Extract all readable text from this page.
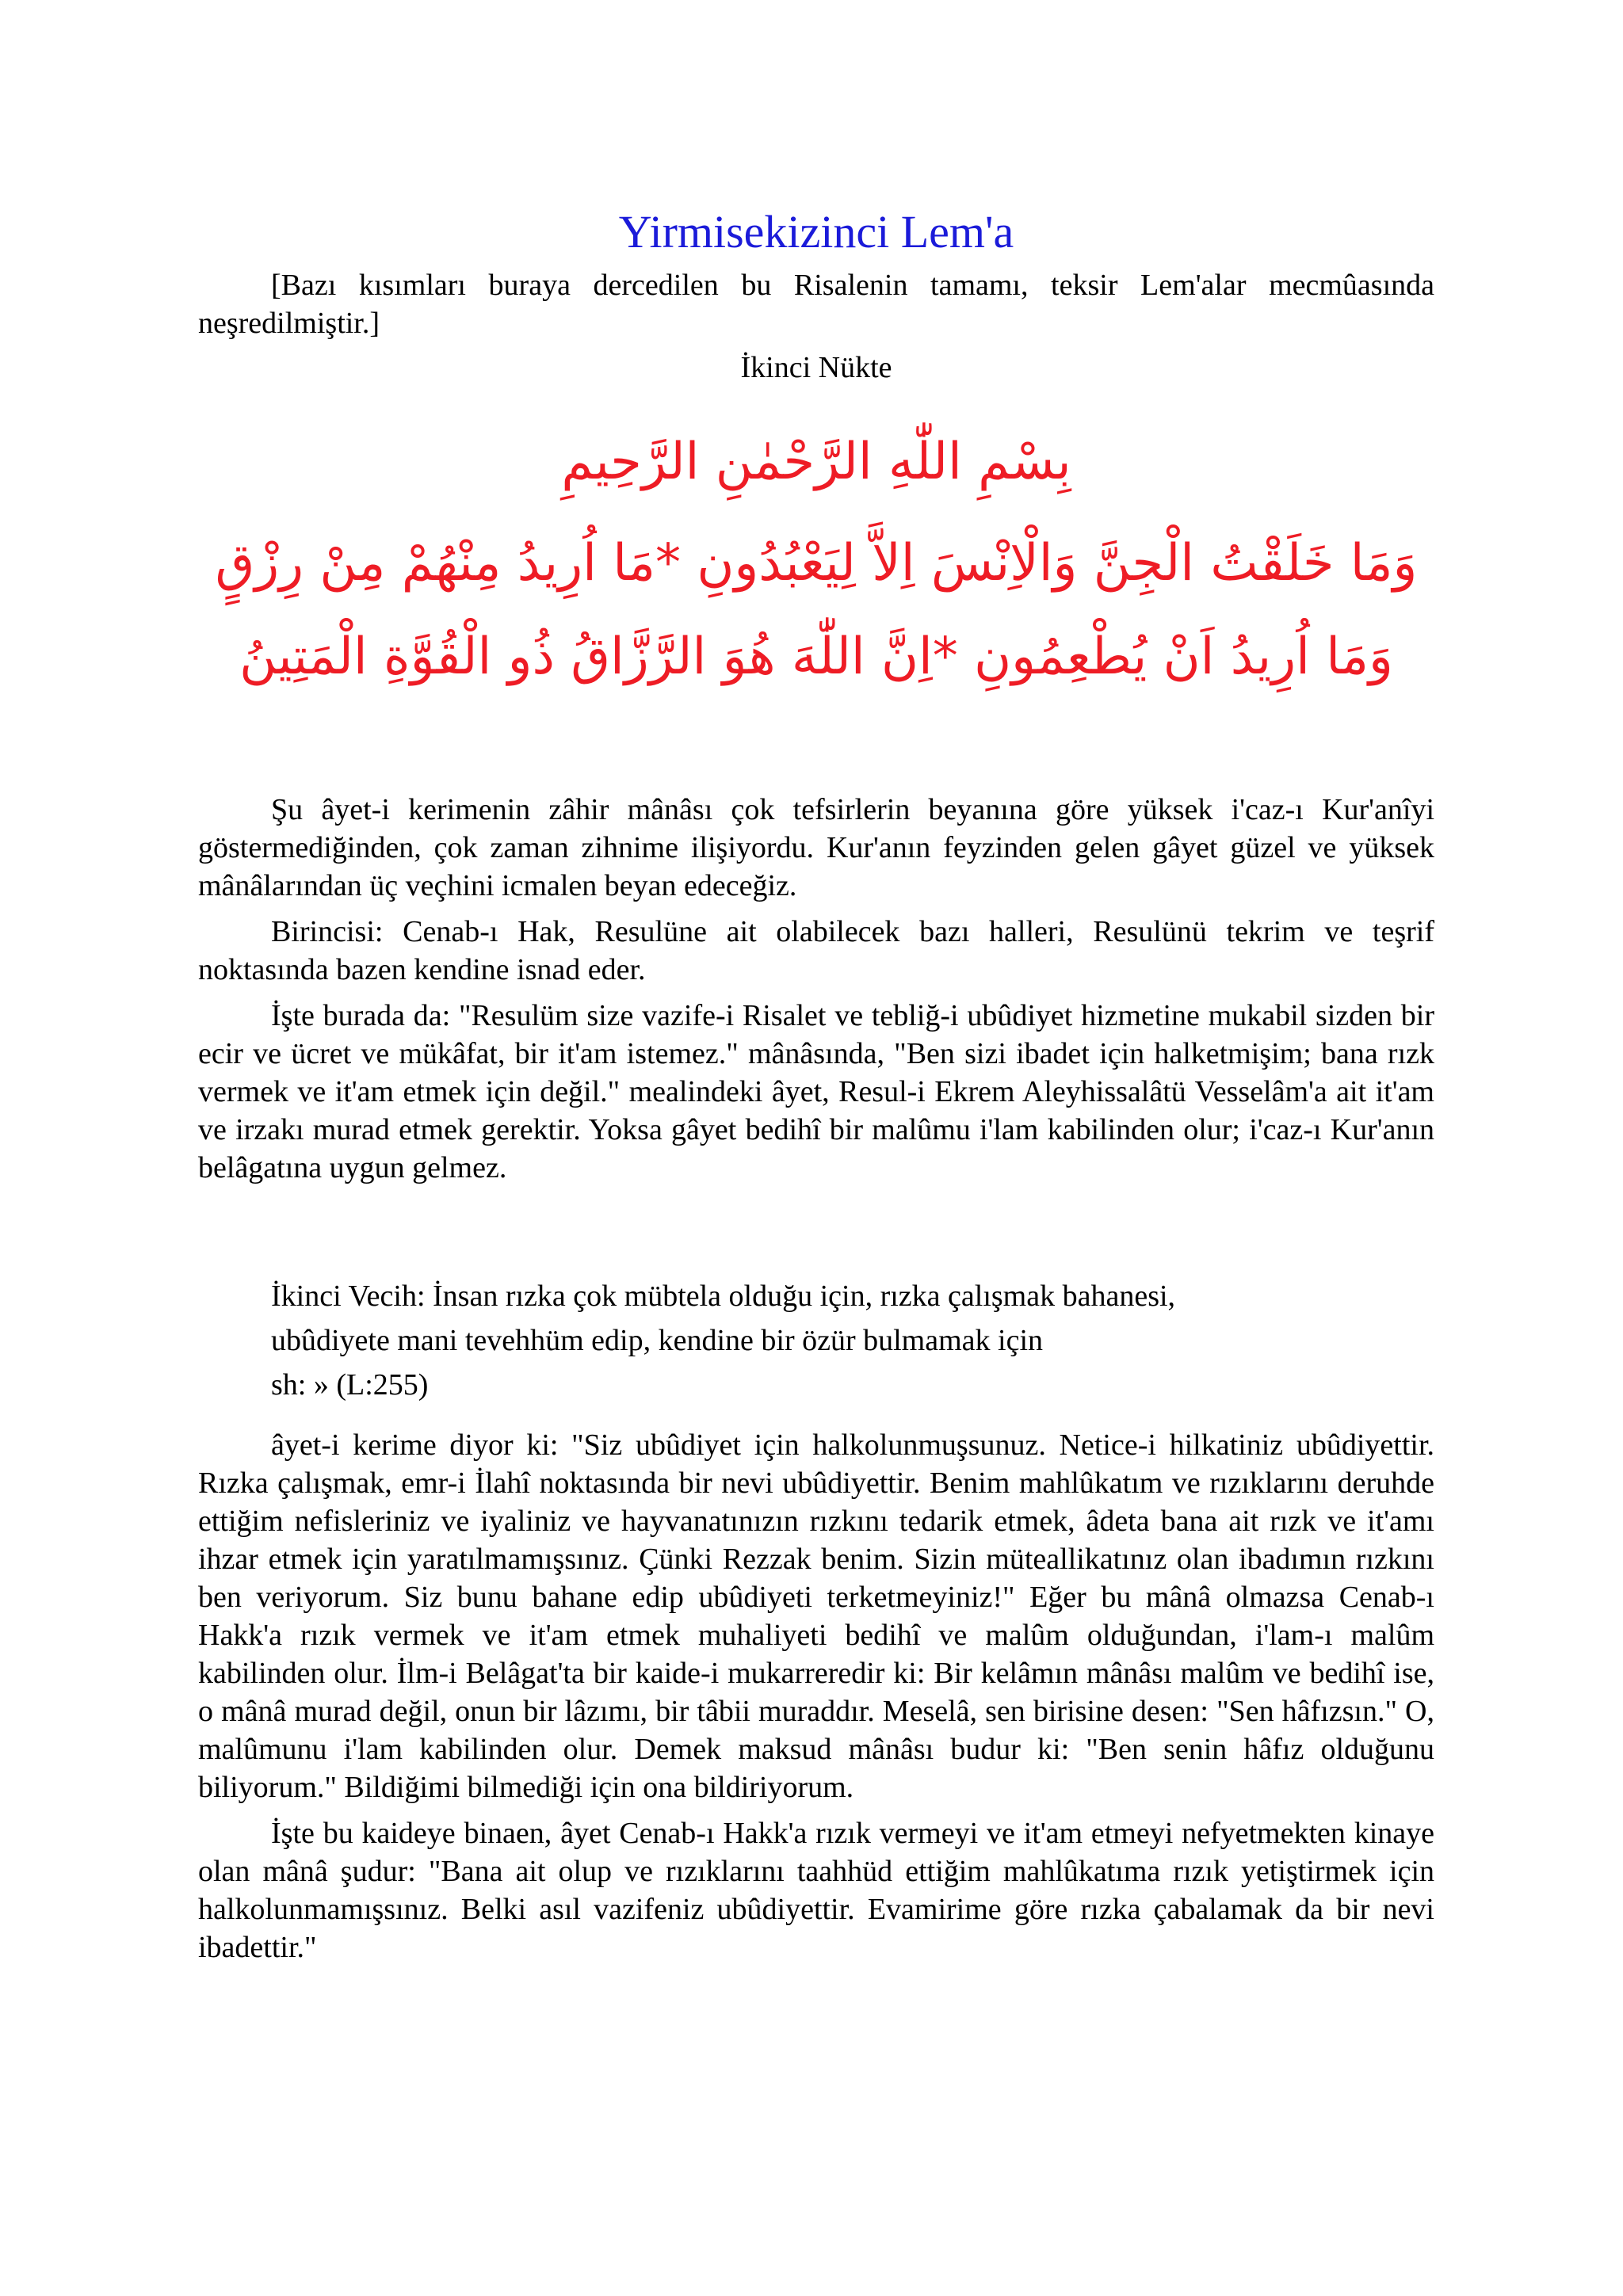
Yirmisekizinci Lem'a

[Bazı kısımları buraya dercedilen bu Risalenin tamamı, teksir Lem'alar mecmûasında neşredilmiştir.]

İkinci Nükte

بِسْمِ اللّٰهِ الرَّحْمٰنِ الرَّحِيمِ
وَمَا خَلَقْتُ الْجِنَّ وَالْاِنْسَ اِلاَّ لِيَعْبُدُونِ *مَا اُرِيدُ مِنْهُمْ مِنْ رِزْقٍ وَمَا اُرِيدُ اَنْ يُطْعِمُونِ *اِنَّ اللّٰهَ هُوَ الرَّزَّاقُ ذُو الْقُوَّةِ الْمَتِينُ

Şu âyet-i kerimenin zâhir mânâsı çok tefsirlerin beyanına göre yüksek i'caz-ı Kur'anîyi göstermediğinden, çok zaman zihnime ilişiyordu. Kur'anın feyzinden gelen gâyet güzel ve yüksek mânâlarından üç veçhini icmalen beyan edeceğiz.

Birincisi: Cenab-ı Hak, Resulüne ait olabilecek bazı halleri, Resulünü tekrim ve teşrif noktasında bazen kendine isnad eder.

İşte burada da: "Resulüm size vazife-i Risalet ve tebliğ-i ubûdiyet hizmetine mukabil sizden bir ecir ve ücret ve mükâfat, bir it'am istemez." mânâsında, "Ben sizi ibadet için halketmişim; bana rızk vermek ve it'am etmek için değil." mealindeki âyet, Resul-i Ekrem Aleyhissalâtü Vesselâm'a ait it'am ve irzakı murad etmek gerektir. Yoksa gâyet bedihî bir malûmu i'lam kabilinden olur; i'caz-ı Kur'anın belâgatına uygun gelmez.

İkinci Vecih: İnsan rızka çok mübtela olduğu için, rızka çalışmak bahanesi, ubûdiyete mani tevehhüm edip, kendine bir özür bulmamak için

sh: » (L:255)

âyet-i kerime diyor ki: "Siz ubûdiyet için halkolunmuşsunuz. Netice-i hilkatiniz ubûdiyettir. Rızka çalışmak, emr-i İlahî noktasında bir nevi ubûdiyettir. Benim mahlûkatım ve rızıklarını deruhde ettiğim nefisleriniz ve iyaliniz ve hayvanatınızın rızkını tedarik etmek, âdeta bana ait rızk ve it'amı ihzar etmek için yaratılmamışsınız. Çünki Rezzak benim. Sizin müteallikatınız olan ibadımın rızkını ben veriyorum. Siz bunu bahane edip ubûdiyeti terketmeyiniz!" Eğer bu mânâ olmazsa Cenab-ı Hakk'a rızık vermek ve it'am etmek muhaliyeti bedihî ve malûm olduğundan, i'lam-ı malûm kabilinden olur. İlm-i Belâgat'ta bir kaide-i mukarreredir ki: Bir kelâmın mânâsı malûm ve bedihî ise, o mânâ murad değil, onun bir lâzımı, bir tâbii muraddır. Meselâ, sen birisine desen: "Sen hâfızsın." O, malûmunu i'lam kabilinden olur. Demek maksud mânâsı budur ki: "Ben senin hâfız olduğunu biliyorum." Bildiğimi bilmediği için ona bildiriyorum.

İşte bu kaideye binaen, âyet Cenab-ı Hakk'a rızık vermeyi ve it'am etmeyi nefyetmekten kinaye olan mânâ şudur: "Bana ait olup ve rızıklarını taahhüd ettiğim mahlûkatıma rızık yetiştirmek için halkolunmamışsınız. Belki asıl vazifeniz ubûdiyettir. Evamirime göre rızka çabalamak da bir nevi ibadettir."
